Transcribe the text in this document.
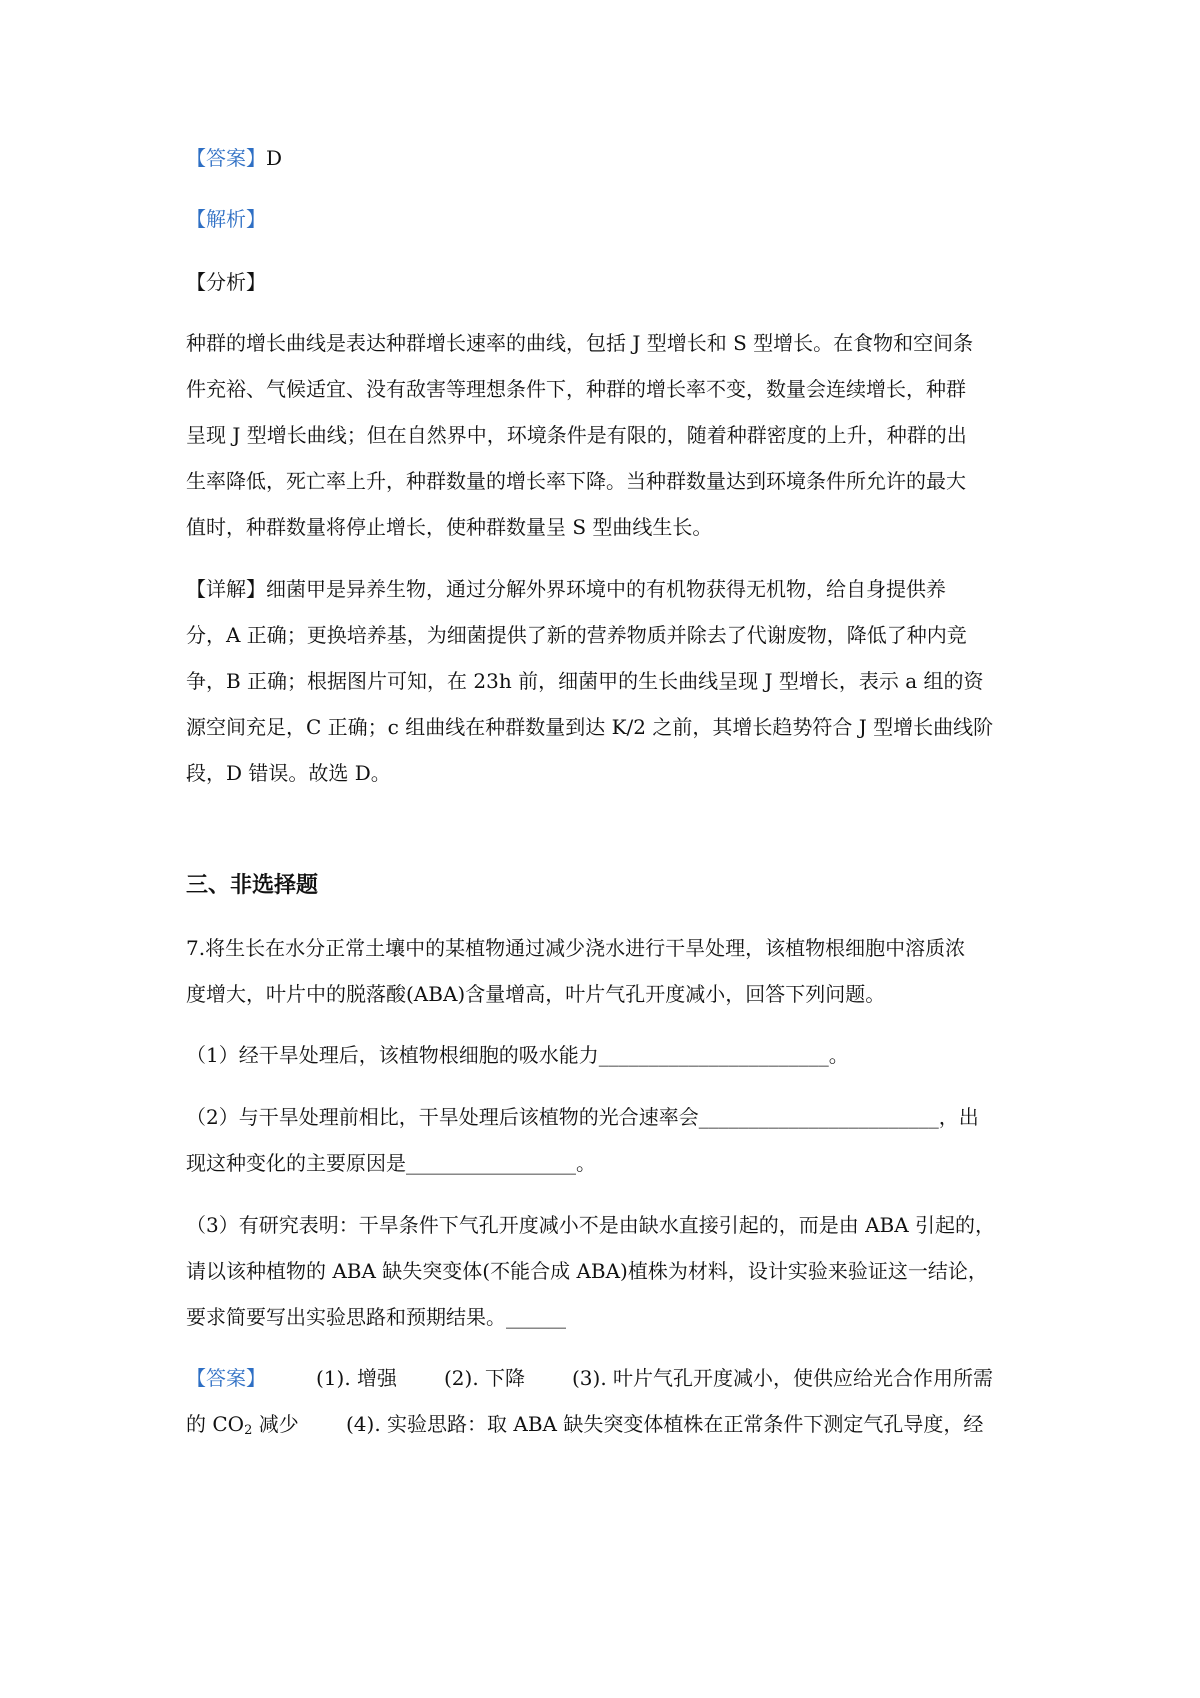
【答案】D
【解析】
【分析】
种群的增长曲线是表达种群增长速率的曲线，包括 J 型增长和 S 型增长。在食物和空间条
件充裕、气候适宜、没有敌害等理想条件下，种群的增长率不变，数量会连续增长，种群
呈现 J 型增长曲线；但在自然界中，环境条件是有限的，随着种群密度的上升，种群的出
生率降低，死亡率上升，种群数量的增长率下降。当种群数量达到环境条件所允许的最大
值时，种群数量将停止增长，使种群数量呈 S 型曲线生长。
【详解】细菌甲是异养生物，通过分解外界环境中的有机物获得无机物，给自身提供养
分，A 正确；更换培养基，为细菌提供了新的营养物质并除去了代谢废物，降低了种内竞
争，B 正确；根据图片可知，在 23h 前，细菌甲的生长曲线呈现 J 型增长，表示 a 组的资
源空间充足，C 正确；c 组曲线在种群数量到达 K/2 之前，其增长趋势符合 J 型增长曲线阶
段，D 错误。故选 D。
三、非选择题
7.将生长在水分正常土壤中的某植物通过减少浇水进行干旱处理，该植物根细胞中溶质浓
度增大，叶片中的脱落酸(ABA)含量增高，叶片气孔开度减小，回答下列问题。
（1）经干旱处理后，该植物根细胞的吸水能力_______________________。
（2）与干旱处理前相比，干旱处理后该植物的光合速率会________________________，出
现这种变化的主要原因是_________________。
（3）有研究表明：干旱条件下气孔开度减小不是由缺水直接引起的，而是由 ABA 引起的，
请以该种植物的 ABA 缺失突变体(不能合成 ABA)植株为材料，设计实验来验证这一结论，
要求简要写出实验思路和预期结果。______
【答案】	(1). 增强 (2). 下降 (3). 叶片气孔开度减小，使供应给光合作用所需
的 $CO_2$ 减少 (4). 实验思路：取 ABA 缺失突变体植株在正常条件下测定气孔导度，经
